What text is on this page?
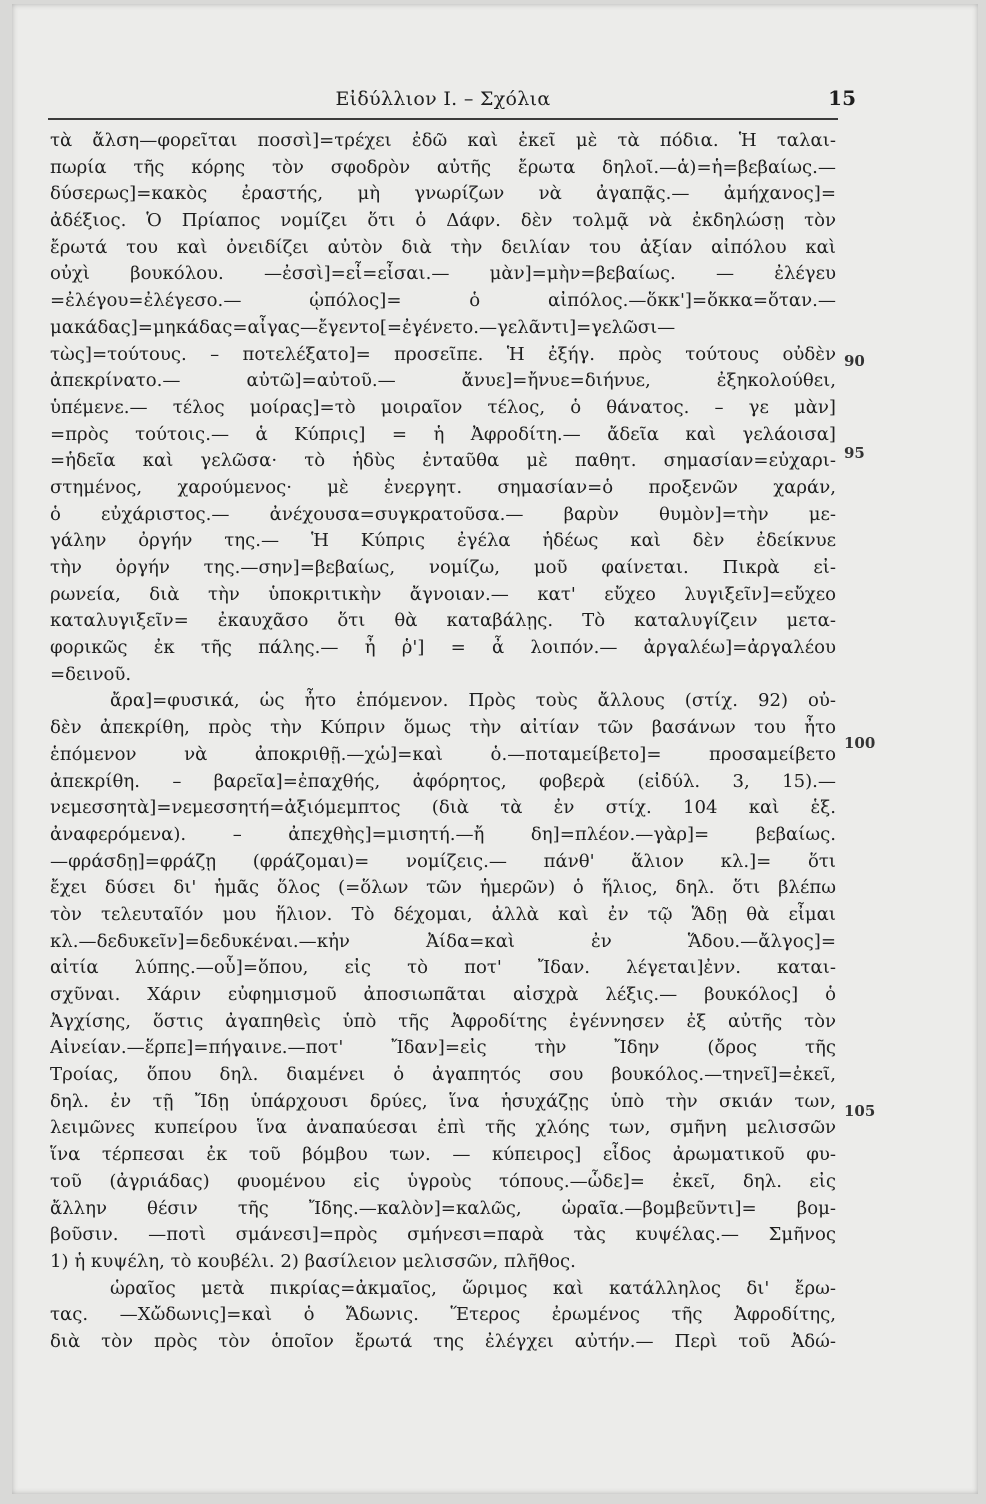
Εἰδύλλιον Ι. – Σχόλια	15
τὰ ἄλση—φορεῖται ποσσὶ]=τρέχει ἐδῶ καὶ ἐκεῖ μὲ τὰ πόδια. Ἡ ταλαι-
πωρία τῆς κόρης τὸν σφοδρὸν αὐτῆς ἔρωτα δηλοῖ.—ἁ)=ἡ=βεβαίως.—
δύσερως]=κακὸς ἐραστής, μὴ γνωρίζων νὰ ἀγαπᾷς.— ἀμήχανος]=
ἀδέξιος. Ὁ Πρίαπος νομίζει ὅτι ὁ Δάφν. δὲν τολμᾷ νὰ ἐκδηλώσῃ τὸν
ἔρωτά του καὶ ὀνειδίζει αὐτὸν διὰ τὴν δειλίαν του ἀξίαν αἰπόλου καὶ
οὐχὶ βουκόλου. —ἐσσὶ]=εἶ=εἶσαι.— μὰν]=μὴν=βεβαίως. — ἐλέγευ
=ἐλέγου=ἐλέγεσο.— ᾡπόλος]= ὁ αἰπόλος.—ὅκκ']=ὅκκα=ὅταν.—
μακάδας]=μηκάδας=αἶγας—ἔγεντο[=ἐγένετο.—γελᾶντι]=γελῶσι—
τὼς]=τούτους. – ποτελέξατο]= προσεῖπε. Ἡ ἐξήγ. πρὸς τούτους οὐδὲν
ἀπεκρίνατο.— αὐτῶ]=αὐτοῦ.— ἄνυε]=ἤνυε=διήνυε, ἐξηκολούθει,
ὑπέμενε.— τέλος μοίρας]=τὸ μοιραῖον τέλος, ὁ θάνατος. – γε μὰν]
=πρὸς τούτοις.— ἁ Κύπρις] = ἡ Ἀφροδίτη.— ἄδεῖα καὶ γελάοισα]
=ἡδεῖα καὶ γελῶσα· τὸ ἡδὺς ἐνταῦθα μὲ παθητ. σημασίαν=εὐχαρι-
στημένος, χαρούμενος· μὲ ἐνεργητ. σημασίαν=ὁ προξενῶν χαράν,
ὁ εὐχάριστος.— ἀνέχουσα=συγκρατοῦσα.— βαρὺν θυμὸν]=τὴν με-
γάλην ὀργήν της.— Ἡ Κύπρις ἐγέλα ἡδέως καὶ δὲν ἐδείκνυε
τὴν ὀργήν της.—σην]=βεβαίως, νομίζω, μοῦ φαίνεται. Πικρὰ εἰ-
ρωνεία, διὰ τὴν ὑποκριτικὴν ἄγνοιαν.— κατ' εὔχεο λυγιξεῖν]=εὔχεο
καταλυγιξεῖν= ἐκαυχᾶσο ὅτι θὰ καταβάλῃς. Τὸ καταλυγίζειν μετα-
φορικῶς ἐκ τῆς πάλης.— ἦ ῥ'] = ἆ λοιπόν.— ἀργαλέω]=ἀργαλέου
=δεινοῦ.
ἄρα]=φυσικά, ὡς ἦτο ἑπόμενον. Πρὸς τοὺς ἄλλους (στίχ. 92) οὐ-
δὲν ἀπεκρίθη, πρὸς τὴν Κύπριν ὅμως τὴν αἰτίαν τῶν βασάνων του ἦτο
ἑπόμενον νὰ ἀποκριθῇ.—χὡ]=καὶ ὁ.—ποταμείβετο]= προσαμείβετο
ἀπεκρίθη. – βαρεῖα]=ἐπαχθής, ἀφόρητος, φοβερὰ (εἰδύλ. 3, 15).—
νεμεσσητὰ]=νεμεσσητή=ἀξιόμεμπτος (διὰ τὰ ἐν στίχ. 104 καὶ ἑξ.
ἀναφερόμενα). – ἀπεχθὴς]=μισητή.—ἤ δη]=πλέον.—γὰρ]= βεβαίως.
—φράσδῃ]=φράζῃ (φράζομαι)= νομίζεις.— πάνθ' ἅλιον κλ.]= ὅτι
ἔχει δύσει δι' ἡμᾶς ὅλος (=ὅλων τῶν ἡμερῶν) ὁ ἥλιος, δηλ. ὅτι βλέπω
τὸν τελευταῖόν μου ἥλιον. Τὸ δέχομαι, ἀλλὰ καὶ ἐν τῷ Ἅδῃ θὰ εἶμαι
κλ.—δεδυκεῖν]=δεδυκέναι.—κἠν Ἀίδα=καὶ ἐν Ἅδου.—ἄλγος]=
αἰτία λύπης.—οὗ]=ὅπου, εἰς τὸ ποτ' Ἴδαν. λέγεται]ἐνν. καται-
σχῦναι. Χάριν εὐφημισμοῦ ἀποσιωπᾶται αἰσχρὰ λέξις.— βουκόλος] ὁ
Ἀγχίσης, ὅστις ἀγαπηθεὶς ὑπὸ τῆς Ἀφροδίτης ἐγέννησεν ἐξ αὐτῆς τὸν
Αἰνείαν.—ἕρπε]=πήγαινε.—ποτ' Ἴδαν]=εἰς τὴν Ἴδην (ὄρος τῆς
Τροίας, ὅπου δηλ. διαμένει ὁ ἀγαπητός σου βουκόλος.—τηνεῖ]=ἐκεῖ,
δηλ. ἐν τῇ Ἴδῃ ὑπάρχουσι δρύες, ἵνα ἡσυχάζῃς ὑπὸ τὴν σκιάν των,
λειμῶνες κυπείρου ἵνα ἀναπαύεσαι ἐπὶ τῆς χλόης των, σμῆνη μελισσῶν
ἵνα τέρπεσαι ἐκ τοῦ βόμβου των. — κύπειρος] εἶδος ἀρωματικοῦ φυ-
τοῦ (ἀγριάδας) φυομένου εἰς ὑγροὺς τόπους.—ὧδε]= ἐκεῖ, δηλ. εἰς
ἄλλην θέσιν τῆς Ἴδης.—καλὸν]=καλῶς, ὡραῖα.—βομβεῦντι]= βομ-
βοῦσιν. —ποτὶ σμάνεσι]=πρὸς σμήνεσι=παρὰ τὰς κυψέλας.— Σμῆνος
1) ἡ κυψέλη, τὸ κουβέλι. 2) βασίλειον μελισσῶν, πλῆθος.
ὡραῖος μετὰ πικρίας=ἀκμαῖος, ὥριμος καὶ κατάλληλος δι' ἔρω-
τας. —Χὤδωνις]=καὶ ὁ Ἄδωνις. Ἕτερος ἐρωμένος τῆς Ἀφροδίτης,
διὰ τὸν πρὸς τὸν ὁποῖον ἔρωτά της ἐλέγχει αὐτήν.— Περὶ τοῦ Ἀδώ-
90
95
100
105
